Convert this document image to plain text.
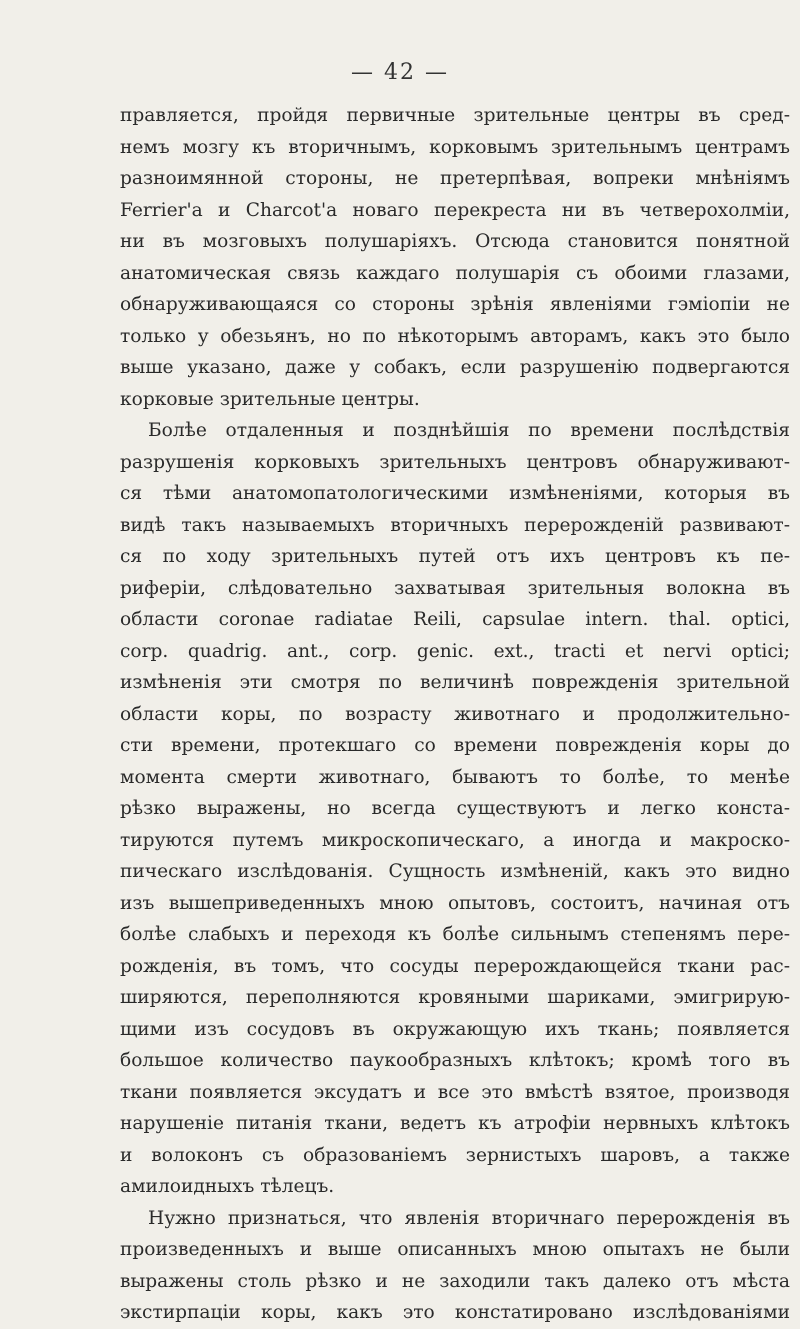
— 42 —
правляется, пройдя первичные зрительные центры въ сред-
немъ мозгу къ вторичнымъ, корковымъ зрительнымъ центрамъ
разноимянной стороны, не претерпѣвая, вопреки мнѣніямъ
Ferrier'а и Charcot'а новаго перекреста ни въ четверохолміи,
ни въ мозговыхъ полушаріяхъ. Отсюда становится понятной
анатомическая связь каждаго полушарія съ обоими глазами,
обнаруживающаяся со стороны зрѣнія явленіями гэміопіи не
только у обезьянъ, но по нѣкоторымъ авторамъ, какъ это было
выше указано, даже у собакъ, если разрушенію подвергаются
корковые зрительные центры.
Болѣе отдаленныя и позднѣйшія по времени послѣдствія
разрушенія корковыхъ зрительныхъ центровъ обнаруживают-
ся тѣми анатомопатологическими измѣненіями, которыя въ
видѣ такъ называемыхъ вторичныхъ перерожденій развивают-
ся по ходу зрительныхъ путей отъ ихъ центровъ къ пе-
риферіи, слѣдовательно захватывая зрительныя волокна въ
области coronae radiatae Reili, capsulae intern. thal. optici,
corp. quadrig. ant., corp. genic. ext., tracti et nervi optici;
измѣненія эти смотря по величинѣ поврежденія зрительной
области коры, по возрасту животнаго и продолжительно-
сти времени, протекшаго со времени поврежденія коры до
момента смерти животнаго, бываютъ то болѣе, то менѣе
рѣзко выражены, но всегда существуютъ и легко конста-
тируются путемъ микроскопическаго, а иногда и макроско-
пическаго изслѣдованія. Сущность измѣненій, какъ это видно
изъ вышеприведенныхъ мною опытовъ, состоитъ, начиная отъ
болѣе слабыхъ и переходя къ болѣе сильнымъ степенямъ пере-
рожденія, въ томъ, что сосуды перерождающейся ткани рас-
ширяются, переполняются кровяными шариками, эмигрирую-
щими изъ сосудовъ въ окружающую ихъ ткань; появляется
большое количество паукообразныхъ клѣтокъ; кромѣ того въ
ткани появляется эксудатъ и все это вмѣстѣ взятое, производя
нарушеніе питанія ткани, ведетъ къ атрофіи нервныхъ клѣтокъ
и волоконъ съ образованіемъ зернистыхъ шаровъ, а также
амилоидныхъ тѣлецъ.
Нужно признаться, что явленія вторичнаго перерожденія въ
произведенныхъ и выше описанныхъ мною опытахъ не были
выражены столь рѣзко и не заходили такъ далеко отъ мѣста
экстирпаціи коры, какъ это констатировано изслѣдованіями
